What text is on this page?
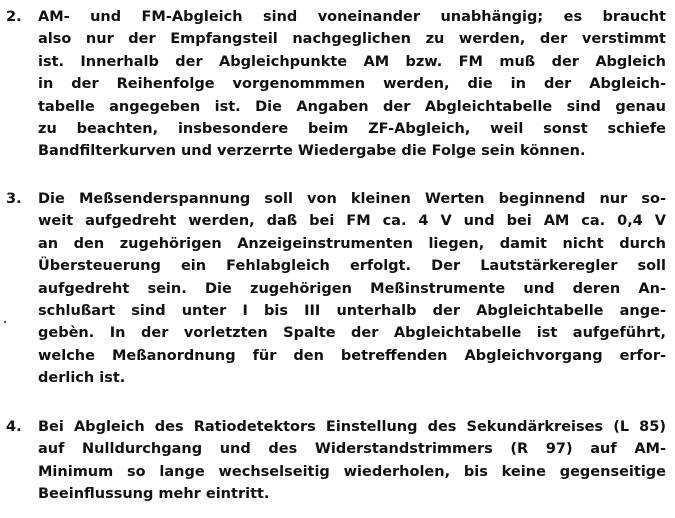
2.	AM- und FM-Abgleich sind voneinander unabhängig; es braucht
also nur der Empfangsteil nachgeglichen zu werden, der verstimmt
ist. Innerhalb der Abgleichpunkte AM bzw. FM muß der Abgleich
in der Reihenfolge vorgenommmen werden, die in der Abgleich-
tabelle angegeben ist. Die Angaben der Abgleichtabelle sind genau
zu beachten, insbesondere beim ZF-Abgleich, weil sonst schiefe
Bandfilterkurven und verzerrte Wiedergabe die Folge sein können.
3.	Die Meßsenderspannung soll von kleinen Werten beginnend nur so-
weit aufgedreht werden, daß bei FM ca. 4 V und bei AM ca. 0,4 V
an den zugehörigen Anzeigeinstrumenten liegen, damit nicht durch
Übersteuerung ein Fehlabgleich erfolgt. Der Lautstärkeregler soll
aufgedreht sein. Die zugehörigen Meßinstrumente und deren An-
schlußart sind unter I bis III unterhalb der Abgleichtabelle ange-
gebèn. In der vorletzten Spalte der Abgleichtabelle ist aufgeführt,
welche Meßanordnung für den betreffenden Abgleichvorgang erfor-
derlich ist.
4.	Bei Abgleich des Ratiodetektors Einstellung des Sekundärkreises (L 85)
auf Nulldurchgang und des Widerstandstrimmers (R 97) auf AM-
Minimum so lange wechselseitig wiederholen, bis keine gegenseitige
Beeinflussung mehr eintritt.
